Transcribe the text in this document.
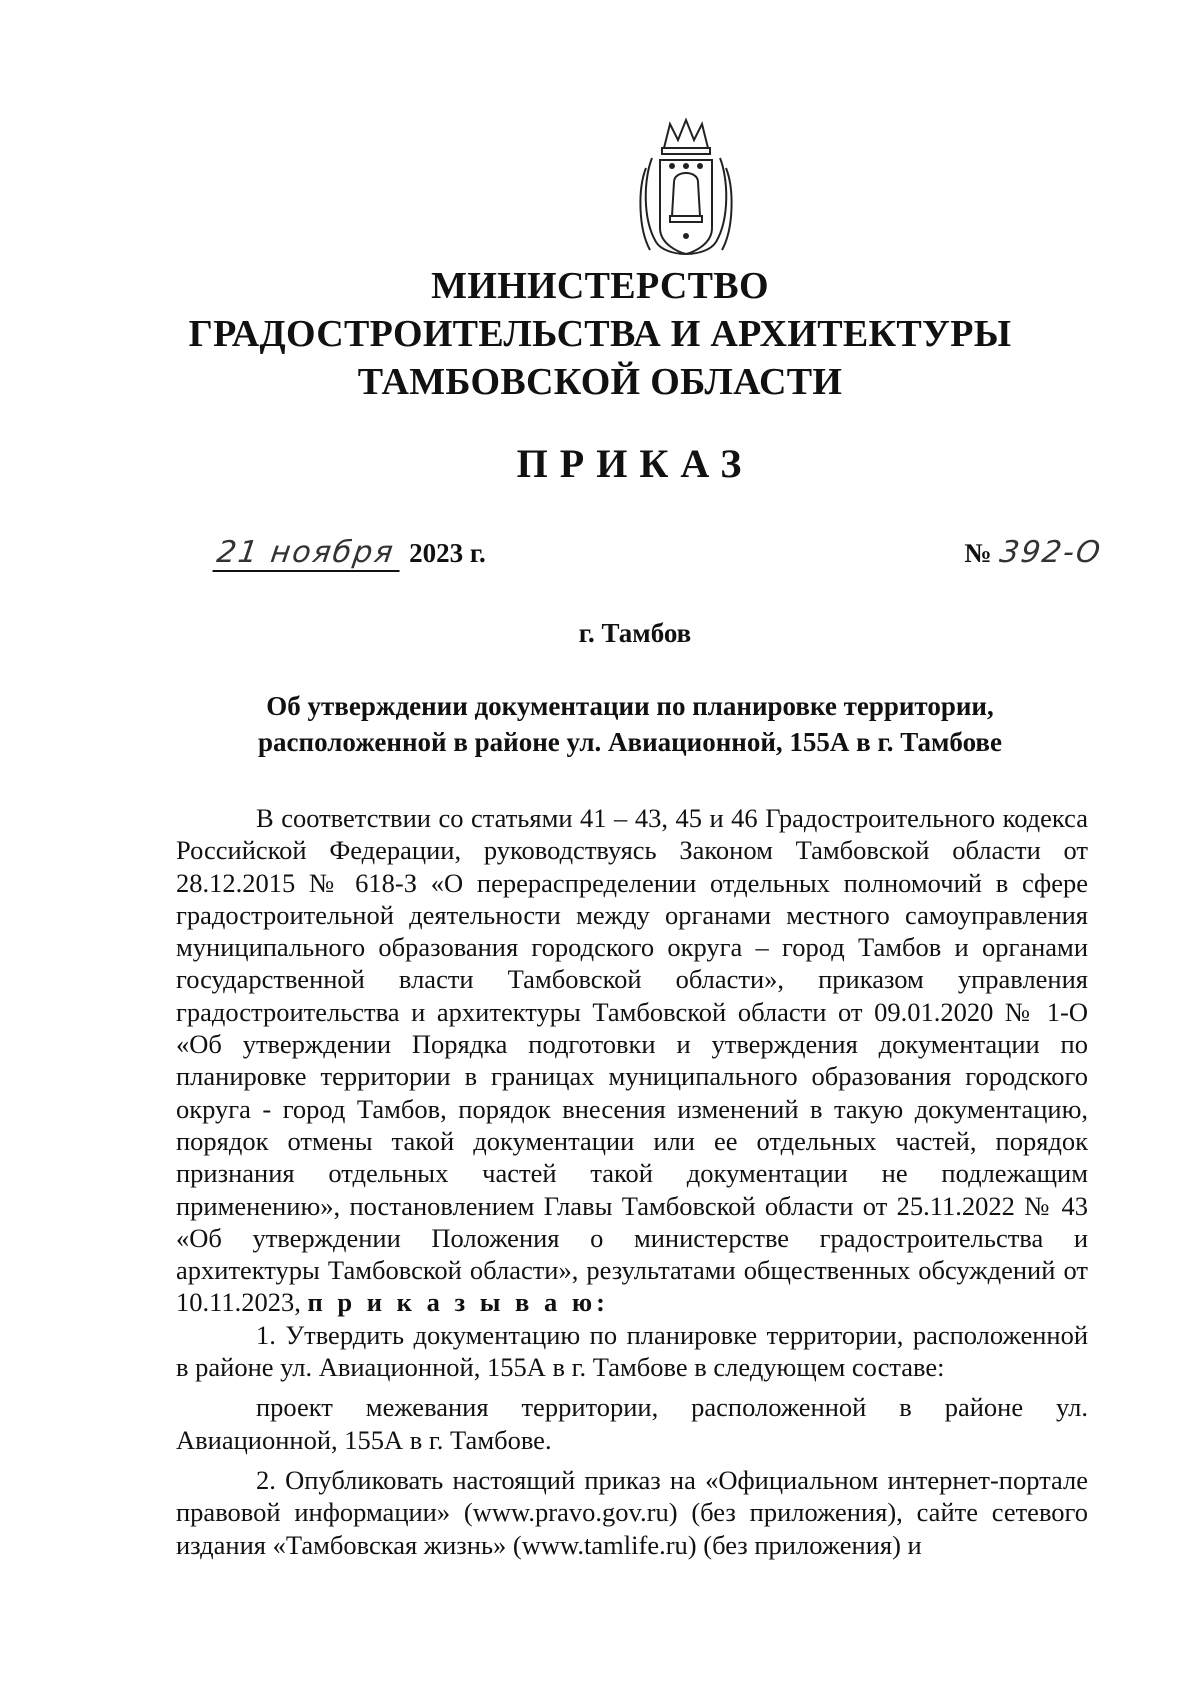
МИНИСТЕРСТВО
ГРАДОСТРОИТЕЛЬСТВА И АРХИТЕКТУРЫ
ТАМБОВСКОЙ ОБЛАСТИ
ПРИКАЗ
21 ноября 2023 г.	№ 392-О
г. Тамбов
Об утверждении документации по планировке территории,
расположенной в районе ул. Авиационной, 155А в г. Тамбове

В соответствии со статьями 41 – 43, 45 и 46 Градостроительного кодекса Российской Федерации, руководствуясь Законом Тамбовской области от 28.12.2015 № 618-З «О перераспределении отдельных полномочий в сфере градостроительной деятельности между органами местного самоуправления муниципального образования городского округа – город Тамбов и органами государственной власти Тамбовской области», приказом управления градостроительства и архитектуры Тамбовской области от 09.01.2020 № 1-О «Об утверждении Порядка подготовки и утверждения документации по планировке территории в границах муниципального образования городского округа - город Тамбов, порядок внесения изменений в такую документацию, порядок отмены такой документации или ее отдельных частей, порядок признания отдельных частей такой документации не подлежащим применению», постановлением Главы Тамбовской области от 25.11.2022 № 43 «Об утверждении Положения о министерстве градостроительства и архитектуры Тамбовской области», результатами общественных обсуждений от 10.11.2023, п р и к а з ы в а ю:

1. Утвердить документацию по планировке территории, расположенной в районе ул. Авиационной, 155А в г. Тамбове в следующем составе:

проект межевания территории, расположенной в районе ул. Авиационной, 155А в г. Тамбове.

2. Опубликовать настоящий приказ на «Официальном интернет-портале правовой информации» (www.pravo.gov.ru) (без приложения), сайте сетевого издания «Тамбовская жизнь» (www.tamlife.ru) (без приложения) и
